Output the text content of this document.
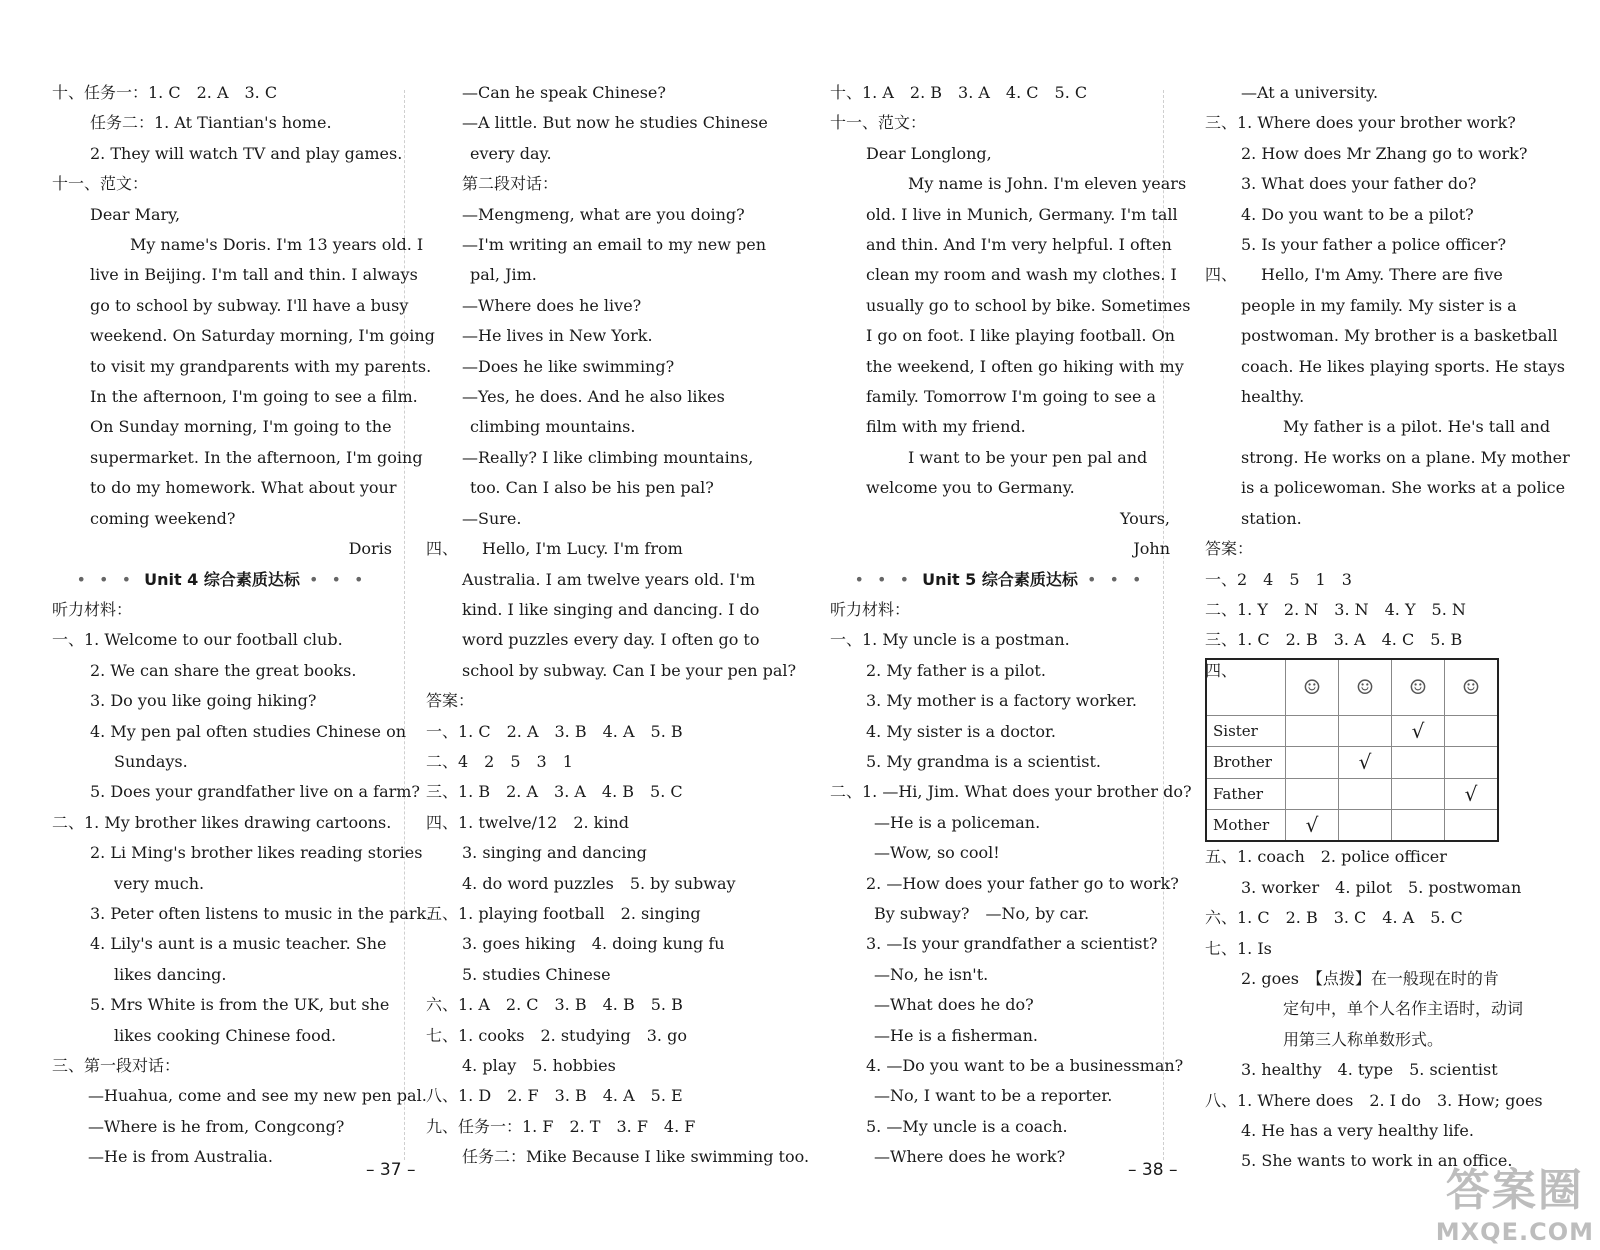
十、任务一：1. C　2. A　3. C
任务二：1. At Tiantian's home.
2. They will watch TV and play games.
十一、范文：
Dear Mary,
My name's Doris. I'm 13 years old. I
live in Beijing. I'm tall and thin. I always
go to school by subway. I'll have a busy
weekend. On Saturday morning, I'm going
to visit my grandparents with my parents.
In the afternoon, I'm going to see a film.
On Sunday morning, I'm going to the
supermarket. In the afternoon, I'm going
to do my homework. What about your
coming weekend?
Doris
• • • Unit 4 综合素质达标 • • •
听力材料：
一、1. Welcome to our football club.
2. We can share the great books.
3. Do you like going hiking?
4. My pen pal often studies Chinese on
Sundays.
5. Does your grandfather live on a farm?
二、1. My brother likes drawing cartoons.
2. Li Ming's brother likes reading stories
very much.
3. Peter often listens to music in the park.
4. Lily's aunt is a music teacher. She
likes dancing.
5. Mrs White is from the UK, but she
likes cooking Chinese food.
三、第一段对话：
—Huahua, come and see my new pen pal.
—Where is he from, Congcong?
—He is from Australia.
—Can he speak Chinese?
—A little. But now he studies Chinese
every day.
第二段对话：
—Mengmeng, what are you doing?
—I'm writing an email to my new pen
pal, Jim.
—Where does he live?
—He lives in New York.
—Does he like swimming?
—Yes, he does. And he also likes
climbing mountains.
—Really? I like climbing mountains,
too. Can I also be his pen pal?
—Sure.
四、　　Hello, I'm Lucy. I'm from
Australia. I am twelve years old. I'm
kind. I like singing and dancing. I do
word puzzles every day. I often go to
school by subway. Can I be your pen pal?
答案：
一、1. C　2. A　3. B　4. A　5. B
二、4　2　5　3　1
三、1. B　2. A　3. A　4. B　5. C
四、1. twelve/12　2. kind
3. singing and dancing
4. do word puzzles　5. by subway
五、1. playing football　2. singing
3. goes hiking　4. doing kung fu
5. studies Chinese
六、1. A　2. C　3. B　4. B　5. B
七、1. cooks　2. studying　3. go
4. play　5. hobbies
八、1. D　2. F　3. B　4. A　5. E
九、任务一：1. F　2. T　3. F　4. F
任务二：Mike Because I like swimming too.
十、1. A　2. B　3. A　4. C　5. C
十一、范文：
Dear Longlong,
My name is John. I'm eleven years
old. I live in Munich, Germany. I'm tall
and thin. And I'm very helpful. I often
clean my room and wash my clothes. I
usually go to school by bike. Sometimes
I go on foot. I like playing football. On
the weekend, I often go hiking with my
family. Tomorrow I'm going to see a
film with my friend.
I want to be your pen pal and
welcome you to Germany.
Yours,
John
• • • Unit 5 综合素质达标 • • •
听力材料：
一、1. My uncle is a postman.
2. My father is a pilot.
3. My mother is a factory worker.
4. My sister is a doctor.
5. My grandma is a scientist.
二、1. —Hi, Jim. What does your brother do?
—He is a policeman.
—Wow, so cool!
2. —How does your father go to work?
By subway?　—No, by car.
3. —Is your grandfather a scientist?
—No, he isn't.
—What does he do?
—He is a fisherman.
4. —Do you want to be a businessman?
—No, I want to be a reporter.
5. —My uncle is a coach.
—Where does he work?
—At a university.
三、1. Where does your brother work?
2. How does Mr Zhang go to work?
3. What does your father do?
4. Do you want to be a pilot?
5. Is your father a police officer?
四、　　Hello, I'm Amy. There are five
people in my family. My sister is a
postwoman. My brother is a basketball
coach. He likes playing sports. He stays
healthy.
My father is a pilot. He's tall and
strong. He works on a plane. My mother
is a policewoman. She works at a police
station.
答案：
一、2　4　5　1　3
二、1. Y　2. N　3. N　4. Y　5. N
三、1. C　2. B　3. A　4. C　5. B
四、
	☺	☺	☺	☺
Sister			√	
Brother		√		
Father				√
Mother	√			
五、1. coach　2. police officer
3. worker　4. pilot　5. postwoman
六、1. C　2. B　3. C　4. A　5. C
七、1. Is
2. goes　【点拨】在一般现在时的肯
定句中，单个人名作主语时，动词
用第三人称单数形式。
3. healthy　4. type　5. scientist
八、1. Where does　2. I do　3. How; goes
4. He has a very healthy life.
5. She wants to work in an office.
– 37 –	– 38 –	答案圈
MXQE.COM
